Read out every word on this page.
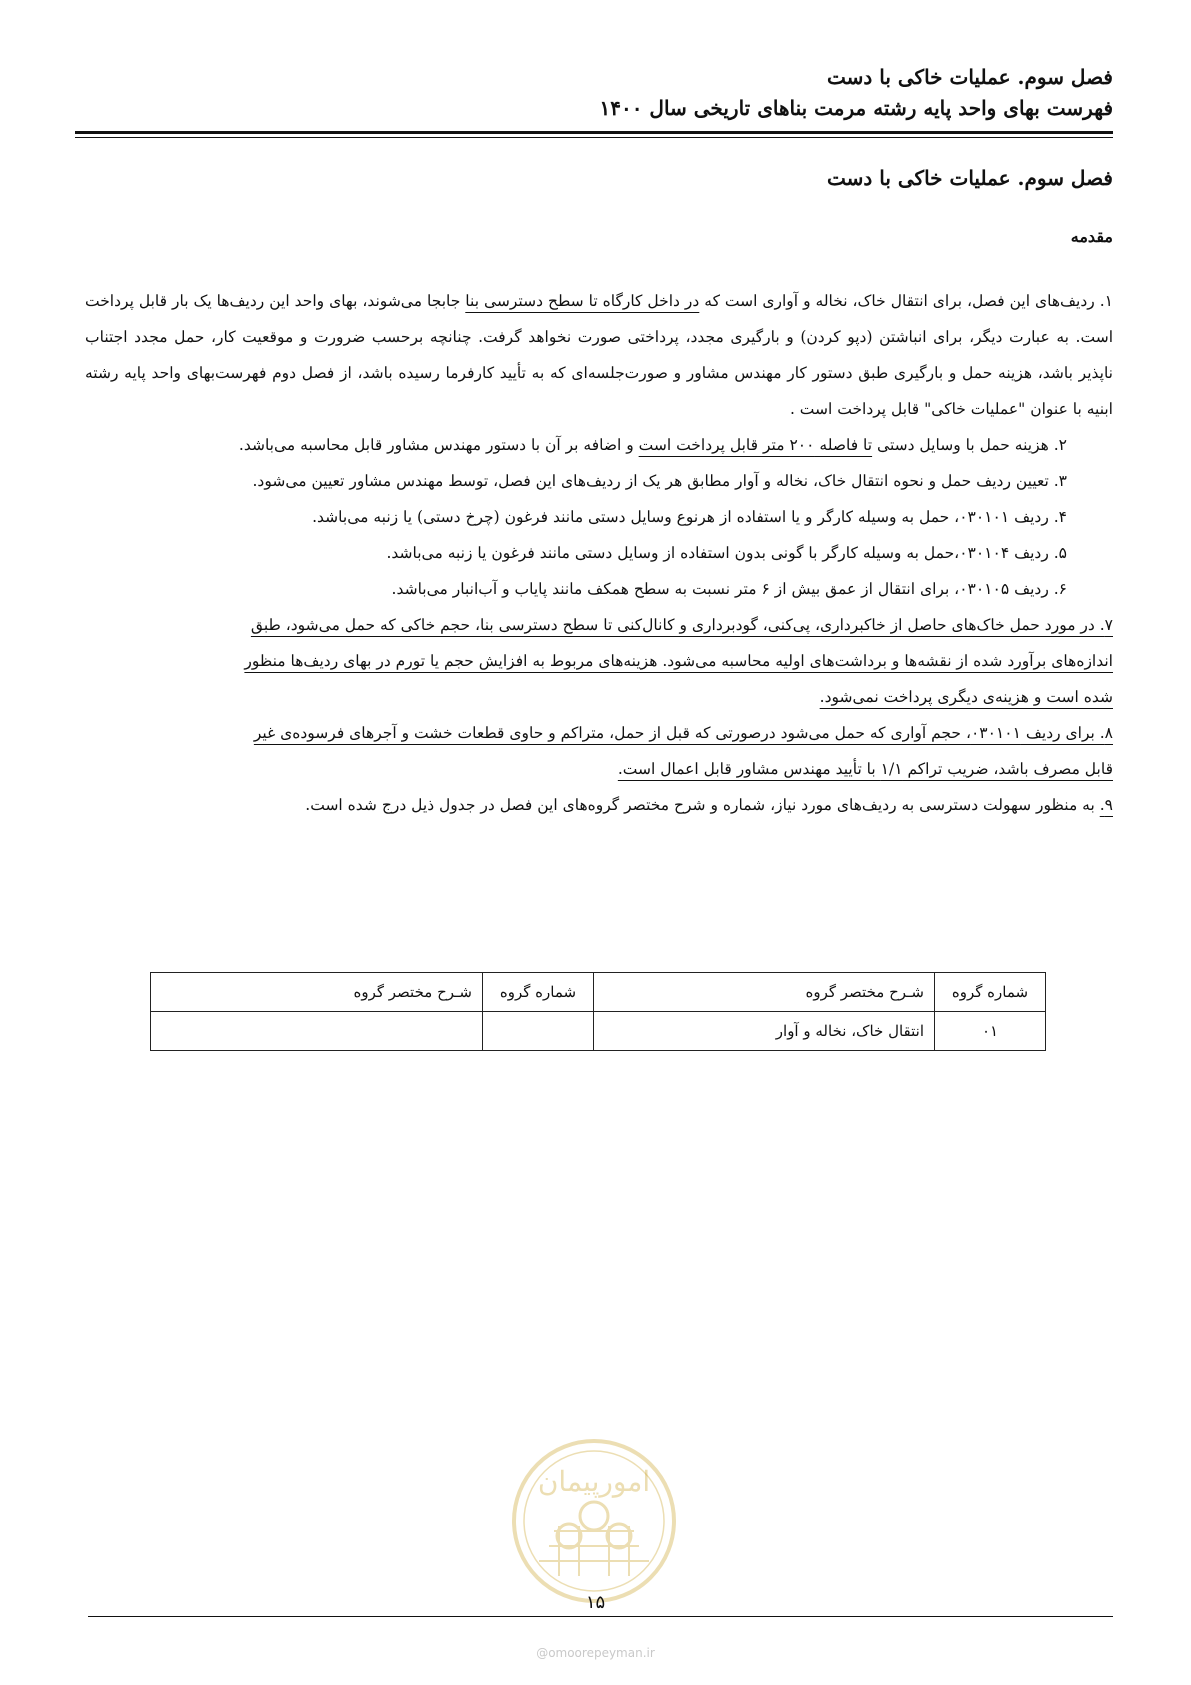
فصل سوم. عملیات خاکی با دست
فهرست بهای واحد پایه رشته مرمت بناهای تاریخی سال ۱۴۰۰
فصل سوم. عملیات خاکی با دست
مقدمه

۱. ردیف‌های این فصل، برای انتقال خاک، نخاله و آواری است که در داخل کارگاه تا سطح دسترسی بنا جابجا می‌شوند، بهای واحد این ردیف‌ها یک بار قابل پرداخت است. به عبارت دیگر، برای انباشتن (دپو کردن) و بارگیری مجدد، پرداختی صورت نخواهد گرفت. چنانچه برحسب ضرورت و موقعیت کار، حمل مجدد اجتناب ناپذیر باشد، هزینه حمل و بارگیری طبق دستور کار مهندس مشاور و صورت‌جلسه‌ای که به تأیید کارفرما رسیده باشد، از فصل دوم فهرست‌بهای واحد پایه رشته ابنیه با عنوان "عملیات خاکی" قابل پرداخت است .

۲. هزینه حمل با وسایل دستی تا فاصله ۲۰۰ متر قابل پرداخت است و اضافه بر آن با دستور مهندس مشاور قابل محاسبه می‌باشد.

۳. تعیین ردیف حمل و نحوه انتقال خاک، نخاله و آوار مطابق هر یک از ردیف‌های این فصل، توسط مهندس مشاور تعیین می‌شود.

۴. ردیف ۰۳۰۱۰۱، حمل به وسیله کارگر و یا استفاده از هرنوع وسایل دستی مانند فرغون (چرخ دستی) یا زنبه می‌باشد.

۵. ردیف ۰۳۰۱۰۴،حمل به وسیله کارگر با گونی بدون استفاده از وسایل دستی مانند فرغون یا زنبه می‌باشد.

۶. ردیف ۰۳۰۱۰۵، برای انتقال از عمق بیش از ۶ متر نسبت به سطح همکف مانند پایاب و آب‌انبار می‌باشد.

۷. در مورد حمل خاک‌های حاصل از خاکبرداری، پی‌کنی، گودبرداری و کانال‌کنی تا سطح دسترسی بنا، حجم خاکی که حمل می‌شود، طبق

اندازه‌های برآورد شده از نقشه‌ها و برداشت‌های اولیه محاسبه می‌شود. هزینه‌های مربوط به افزایش حجم یا تورم در بهای ردیف‌ها منظور

شده است و هزینه‌ی دیگری پرداخت نمی‌شود.

۸. برای ردیف ۰۳۰۱۰۱، حجم آواری که حمل می‌شود درصورتی که قبل از حمل، متراکم و حاوی قطعات خشت و آجرهای فرسوده‌ی غیر

قابل مصرف باشد، ضریب تراکم ۱/۱ با تأیید مهندس مشاور قابل اعمال است.

۹. به منظور سهولت دسترسی به ردیف‌های مورد نیاز، شماره و شرح مختصر گروه‌های این فصل در جدول ذیل درج شده است.

شماره گروه	شـرح مختصر گروه	شماره گروه	شـرح مختصر گروه
۰۱	انتقال خاک، نخاله و آوار		
امورپیمان
۱۵
@omoorepeyman.ir
